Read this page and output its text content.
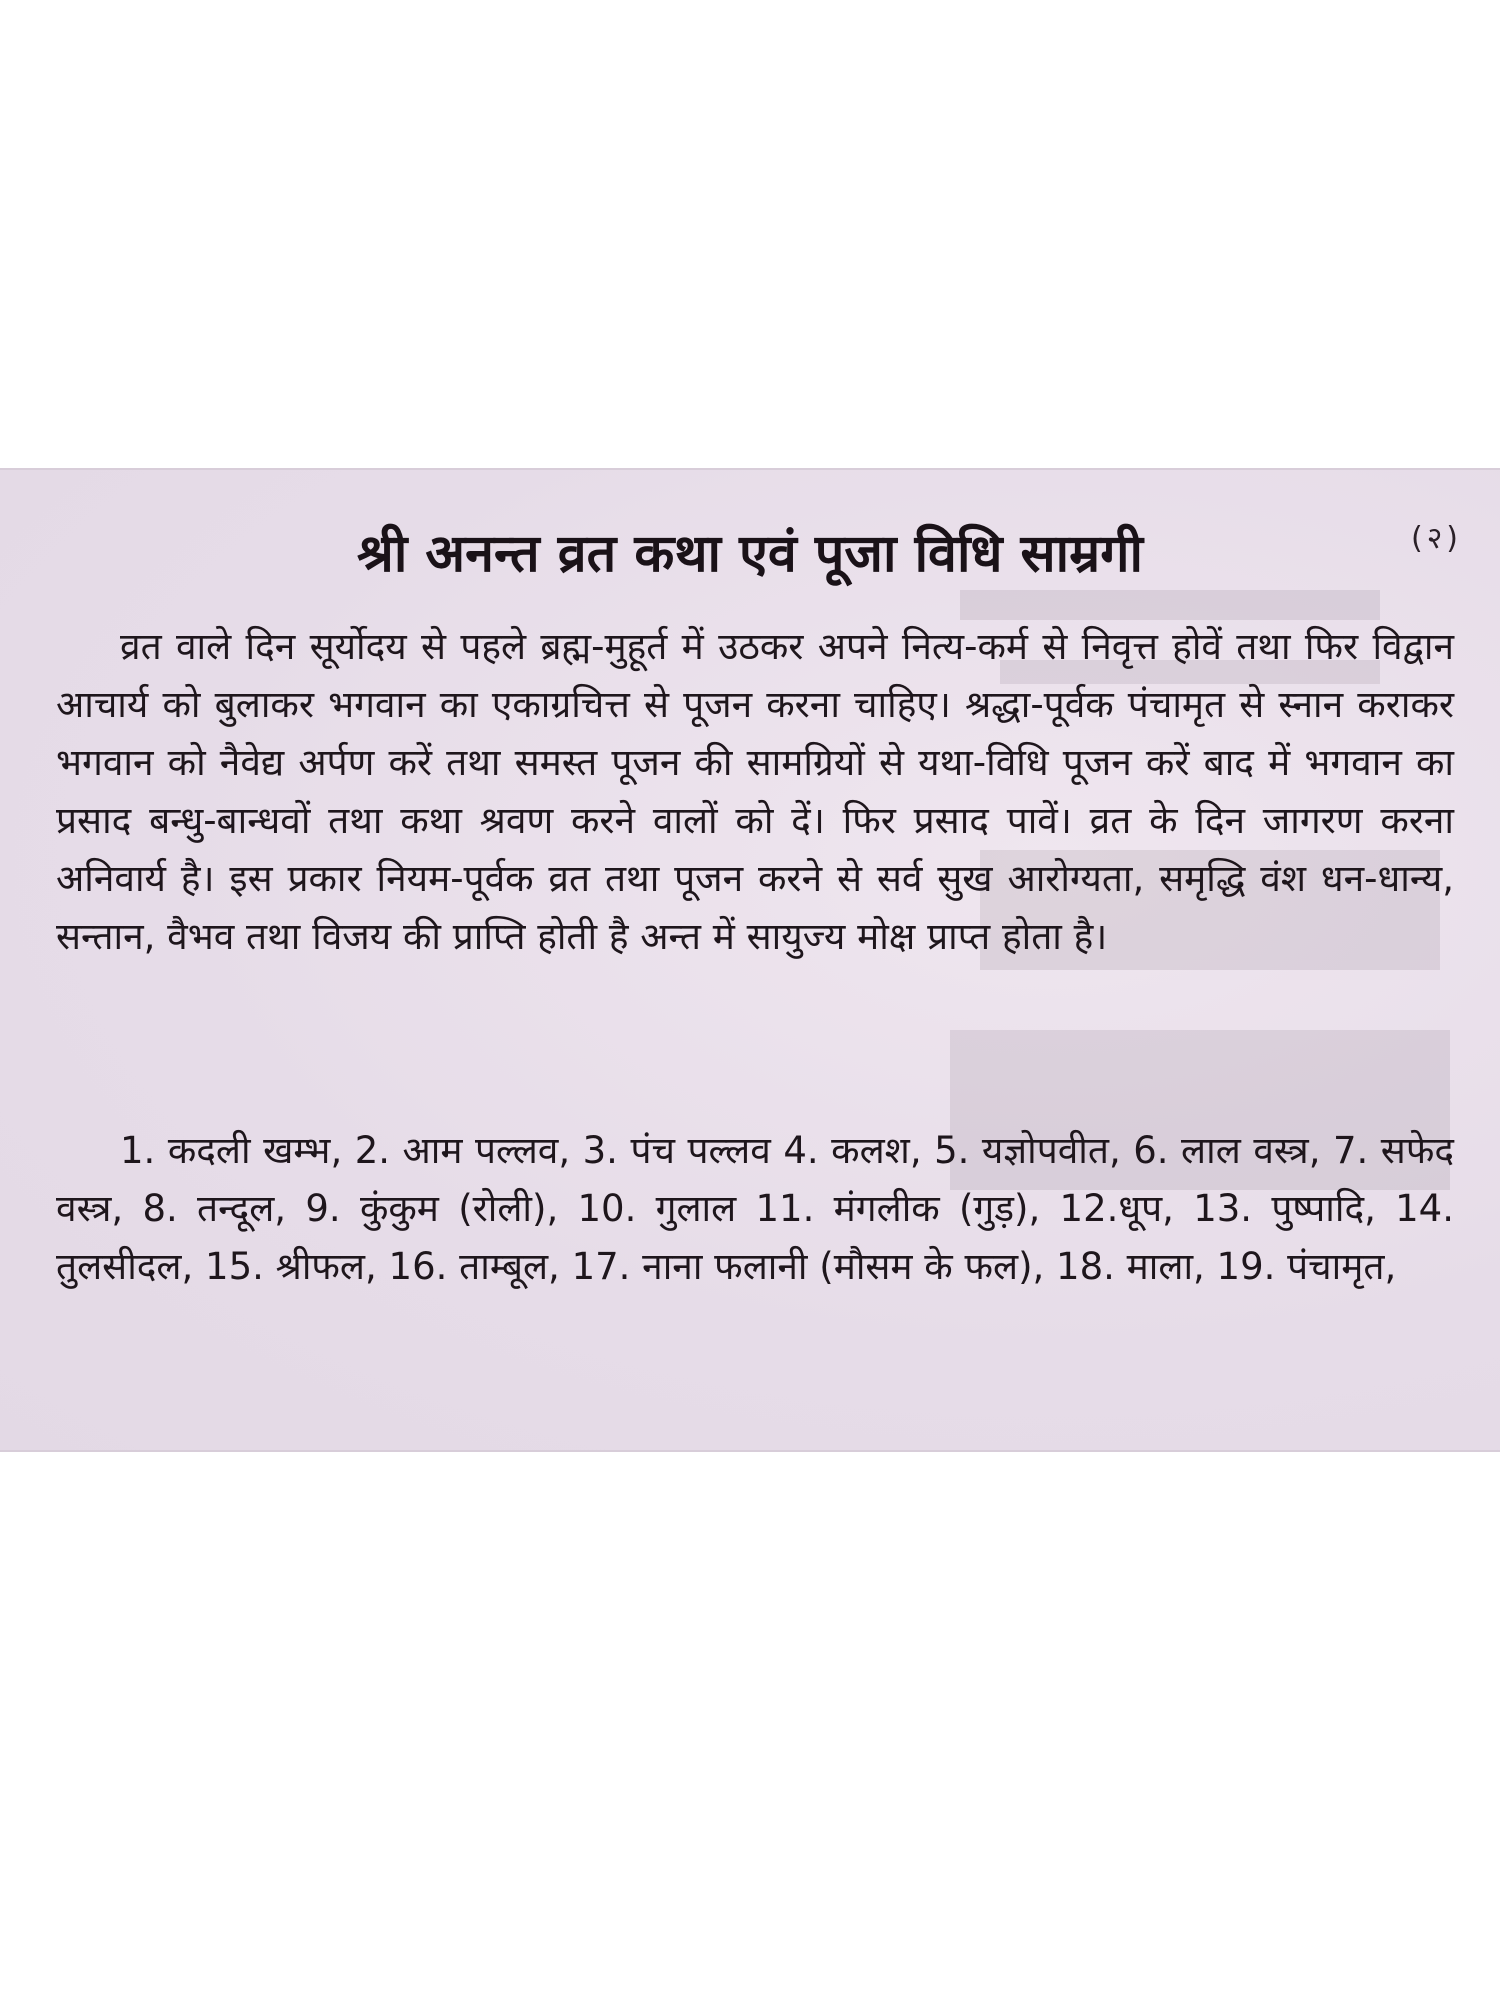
(२)
श्री अनन्त व्रत कथा एवं पूजा विधि साम्रगी

व्रत वाले दिन सूर्योदय से पहले ब्रह्म-मुहूर्त में उठकर अपने नित्य-कर्म से निवृत्त होवें तथा फिर विद्वान आचार्य को बुलाकर भगवान का एकाग्रचित्त से पूजन करना चाहिए। श्रद्धा-पूर्वक पंचामृत से स्नान कराकर भगवान को नैवेद्य अर्पण करें तथा समस्त पूजन की सामग्रियों से यथा-विधि पूजन करें बाद में भगवान का प्रसाद बन्धु-बान्धवों तथा कथा श्रवण करने वालों को दें। फिर प्रसाद पावें। व्रत के दिन जागरण करना अनिवार्य है। इस प्रकार नियम-पूर्वक व्रत तथा पूजन करने से सर्व सुख आरोग्यता, समृद्धि वंश धन-धान्य, सन्तान, वैभव तथा विजय की प्राप्ति होती है अन्त में सायुज्य मोक्ष प्राप्त होता है।

1. कदली खम्भ, 2. आम पल्लव, 3. पंच पल्लव 4. कलश, 5. यज्ञोपवीत, 6. लाल वस्त्र, 7. सफेद वस्त्र, 8. तन्दूल, 9. कुंकुम (रोली), 10. गुलाल 11. मंगलीक (गुड़), 12.धूप, 13. पुष्पादि, 14. तुलसीदल, 15. श्रीफल, 16. ताम्बूल, 17. नाना फलानी (मौसम के फल), 18. माला, 19. पंचामृत,
